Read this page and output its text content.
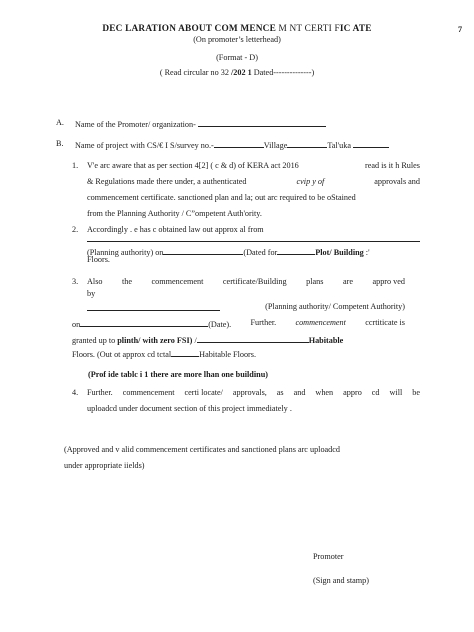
7
DEC LARATION ABOUT COM MENCE M NT CERTI FIC ATE
(On promoter’s letterhead)
(Format - D)
( Read circular no 32 /202 1 Dated--------------)
A. Name of the Promoter/ organization-
B. Name of project with CS/€ I S/survey no.-	Village	Tal'uka
1. V'e arc aware that as per section 4[2] ( c & d) of KERA act 2016	read is it h Rules
& Regulations made there under, a authenticated	cvip y of	approvals and
commencement certificate. sanctioned plan and la; out arc required to be oStained
from the Planning Authority / C”ompetent Auth'ority.
2. Accordingly . e has c obtained law out approx al from
(Planning authority) on	(Dated for	Plot/ Building :'
Floors.
3. Also the commencement certificate/Building plans are appro ved
by
(Planning authority/ Competent Authority)
on	(Date). Further. commencement ccrtiticate is
granted up to plinth/ with zero FSI) /	Habitable
Floors. (Out ot approx cd tctal	Habitable Floors.
(Prof ide tablc i 1 there are more lhan one buildinu)
4. Further. commencement certi locate/ approvals, as and when appro cd will be
uploadcd under document section of this project immediately .
(Approved and v alid commencement certificates and sanctioned plans arc uploadcd
under appropriate iields)
Promoter
(Sign and stamp)
